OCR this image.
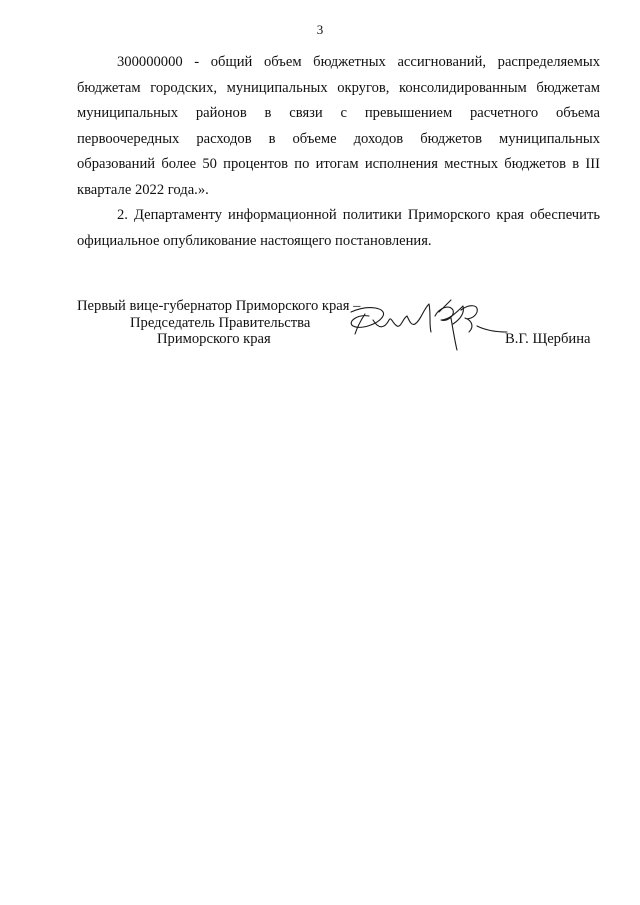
3

300000000 - общий объем бюджетных ассигнований, распределяемых бюджетам городских, муниципальных округов, консолидированным бюджетам муниципальных районов в связи с превышением расчетного объема первоочередных расходов в объеме доходов бюджетов муниципальных образований более 50 процентов по итогам исполнения местных бюджетов в III квартале 2022 года.».

2. Департаменту информационной политики Приморского края обеспечить официальное опубликование настоящего постановления.

Первый вице-губернатор Приморского края –
Председатель Правительства
Приморского края	В.Г. Щербина
